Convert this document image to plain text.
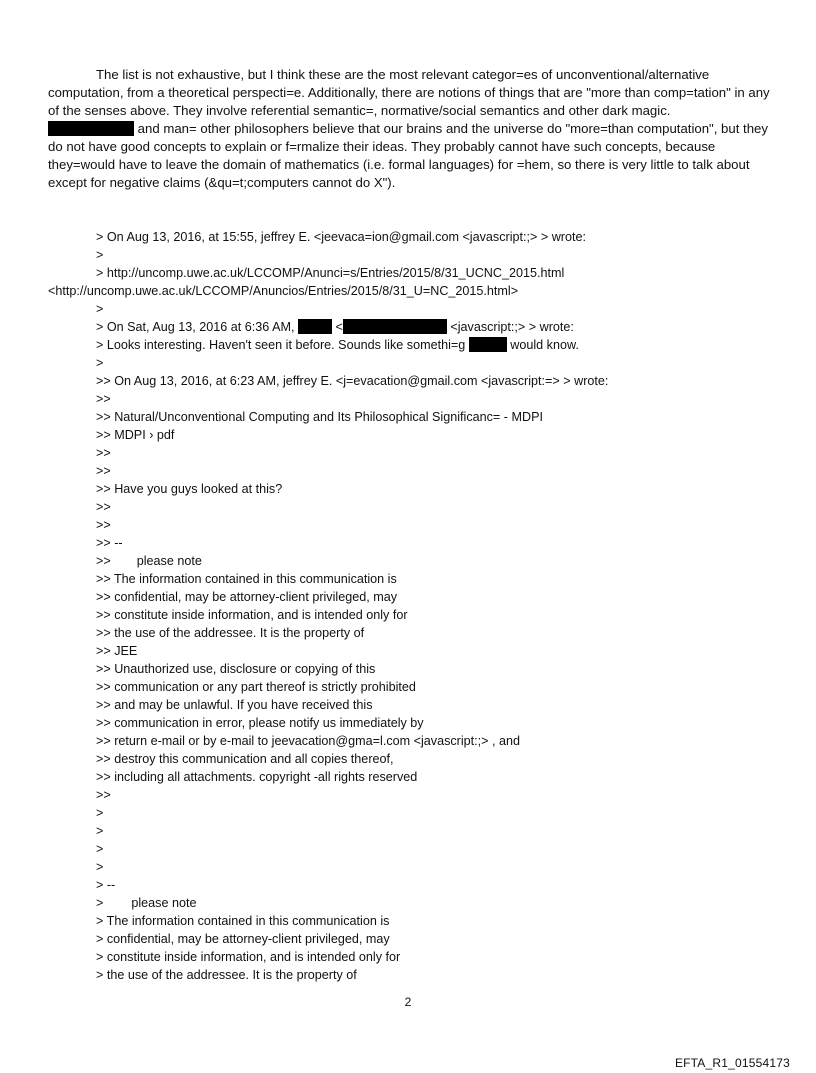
The list is not exhaustive, but I think these are the most relevant categor=es of unconventional/alternative computation, from a theoretical perspecti=e. Additionally, there are notions of things that are "more than comp=tation" in any of the senses above. They involve referential semantic=, normative/social semantics and other dark magic.
and man= other philosophers believe that our brains and the universe do "more=than computation", but they do not have good concepts to explain or f=rmalize their ideas. They probably cannot have such concepts, because they=would have to leave the domain of mathematics (i.e. formal languages) for =hem, so there is very little to talk about except for negative claims (&qu=t;computers cannot do X").

> On Aug 13, 2016, at 15:55, jeffrey E. <jeevaca=ion@gmail.com <javascript:;> > wrote:
>
> http://uncomp.uwe.ac.uk/LCCOMP/Anunci=s/Entries/2015/8/31_UCNC_2015.html
<http://uncomp.uwe.ac.uk/LCCOMP/Anuncios/Entries/2015/8/31_U=NC_2015.html>
>
> On Sat, Aug 13, 2016 at 6:36 AM,	<	<javascript:;> > wrote:
> Looks interesting. Haven't seen it before. Sounds like somethi=g	would know.
>
>> On Aug 13, 2016, at 6:23 AM, jeffrey E. <j=evacation@gmail.com <javascript:=> > wrote:
>>
>> Natural/Unconventional Computing and Its Philosophical Significanc= - MDPI
>> MDPI › pdf
>>
>>
>> Have you guys looked at this?
>>
>>
>> --
>> please note
>> The information contained in this communication is
>> confidential, may be attorney-client privileged, may
>> constitute inside information, and is intended only for
>> the use of the addressee. It is the property of
>> JEE
>> Unauthorized use, disclosure or copying of this
>> communication or any part thereof is strictly prohibited
>> and may be unlawful. If you have received this
>> communication in error, please notify us immediately by
>> return e-mail or by e-mail to jeevacation@gma=l.com <javascript:;> , and
>> destroy this communication and all copies thereof,
>> including all attachments. copyright -all rights reserved
>>
>
>
>
>
> --
> please note
> The information contained in this communication is
> confidential, may be attorney-client privileged, may
> constitute inside information, and is intended only for
> the use of the addressee. It is the property of
2
EFTA_R1_01554173
